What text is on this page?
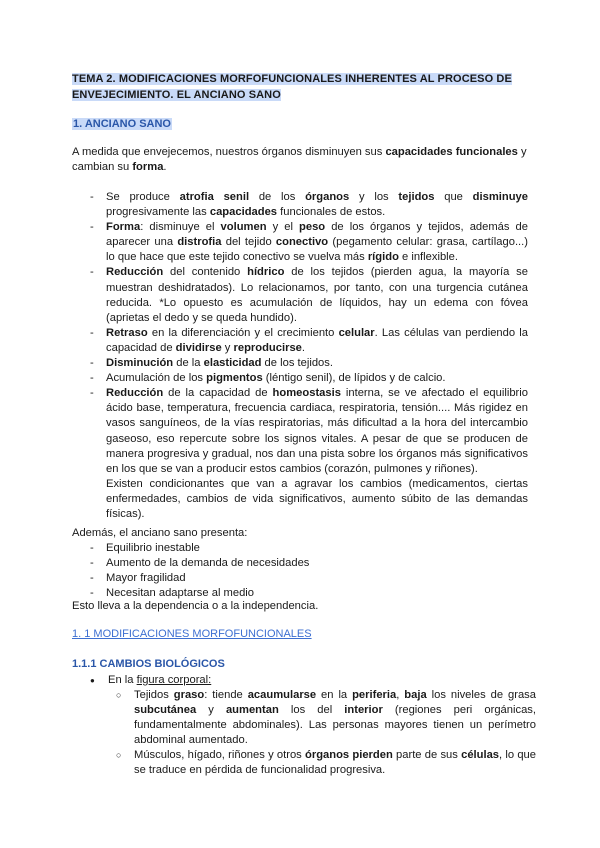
TEMA 2. MODIFICACIONES MORFOFUNCIONALES INHERENTES AL PROCESO DE
ENVEJECIMIENTO. EL ANCIANO SANO
1. ANCIANO SANO
A medida que envejecemos, nuestros órganos disminuyen sus capacidades funcionales y cambian su forma.
- Se produce atrofia senil de los órganos y los tejidos que disminuye progresivamente las capacidades funcionales de estos.
- Forma: disminuye el volumen y el peso de los órganos y tejidos, además de aparecer una distrofia del tejido conectivo (pegamento celular: grasa, cartílago...) lo que hace que este tejido conectivo se vuelva más rígido e inflexible.
- Reducción del contenido hídrico de los tejidos (pierden agua, la mayoría se muestran deshidratados). Lo relacionamos, por tanto, con una turgencia cutánea reducida. *Lo opuesto es acumulación de líquidos, hay un edema con fóvea (aprietas el dedo y se queda hundido).
- Retraso en la diferenciación y el crecimiento celular. Las células van perdiendo la capacidad de dividirse y reproducirse.
- Disminución de la elasticidad de los tejidos.
- Acumulación de los pigmentos (léntigo senil), de lípidos y de calcio.
- Reducción de la capacidad de homeostasis interna, se ve afectado el equilibrio ácido base, temperatura, frecuencia cardiaca, respiratoria, tensión.... Más rigidez en vasos sanguíneos, de la vías respiratorias, más dificultad a la hora del intercambio gaseoso, eso repercute sobre los signos vitales. A pesar de que se producen de manera progresiva y gradual, nos dan una pista sobre los órganos más significativos en los que se van a producir estos cambios (corazón, pulmones y riñones).
Existen condicionantes que van a agravar los cambios (medicamentos, ciertas enfermedades, cambios de vida significativos, aumento súbito de las demandas físicas).
Además, el anciano sano presenta:
- Equilibrio inestable
- Aumento de la demanda de necesidades
- Mayor fragilidad
- Necesitan adaptarse al medio
Esto lleva a la dependencia o a la independencia.
1. 1 MODIFICACIONES MORFOFUNCIONALES
1.1.1 CAMBIOS BIOLÓGICOS
● En la figura corporal:
○ Tejidos graso: tiende acaumularse en la periferia, baja los niveles de grasa subcutánea y aumentan los del interior (regiones peri orgánicas, fundamentalmente abdominales). Las personas mayores tienen un perímetro abdominal aumentado.
○ Músculos, hígado, riñones y otros órganos pierden parte de sus células, lo que se traduce en pérdida de funcionalidad progresiva.
